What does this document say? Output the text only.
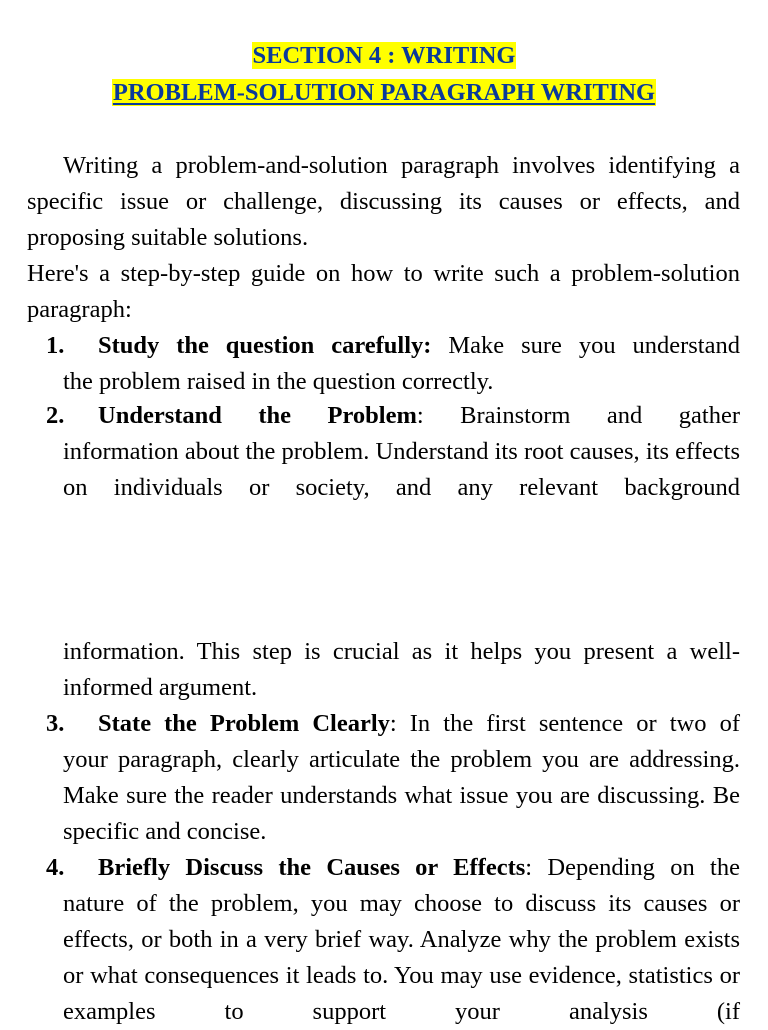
SECTION 4 : WRITING
PROBLEM-SOLUTION PARAGRAPH WRITING
Writing a problem-and-solution paragraph involves identifying a specific issue or challenge, discussing its causes or effects, and proposing suitable solutions.
Here's a step-by-step guide on how to write such a problem-solution paragraph:
1.	Study the question carefully: Make sure you understand
the problem raised in the question correctly.
2.	Understand the Problem: Brainstorm and gather
information about the problem. Understand its root causes, its effects on individuals or society, and any relevant background
information. This step is crucial as it helps you present a well-informed argument.
3.	State the Problem Clearly: In the first sentence or two of
your paragraph, clearly articulate the problem you are addressing. Make sure the reader understands what issue you are discussing. Be specific and concise.
4.	Briefly Discuss the Causes or Effects: Depending on the
nature of the problem, you may choose to discuss its causes or effects, or both in a very brief way. Analyze why the problem exists or what consequences it leads to. You may use evidence, statistics or examples to support your analysis (if
